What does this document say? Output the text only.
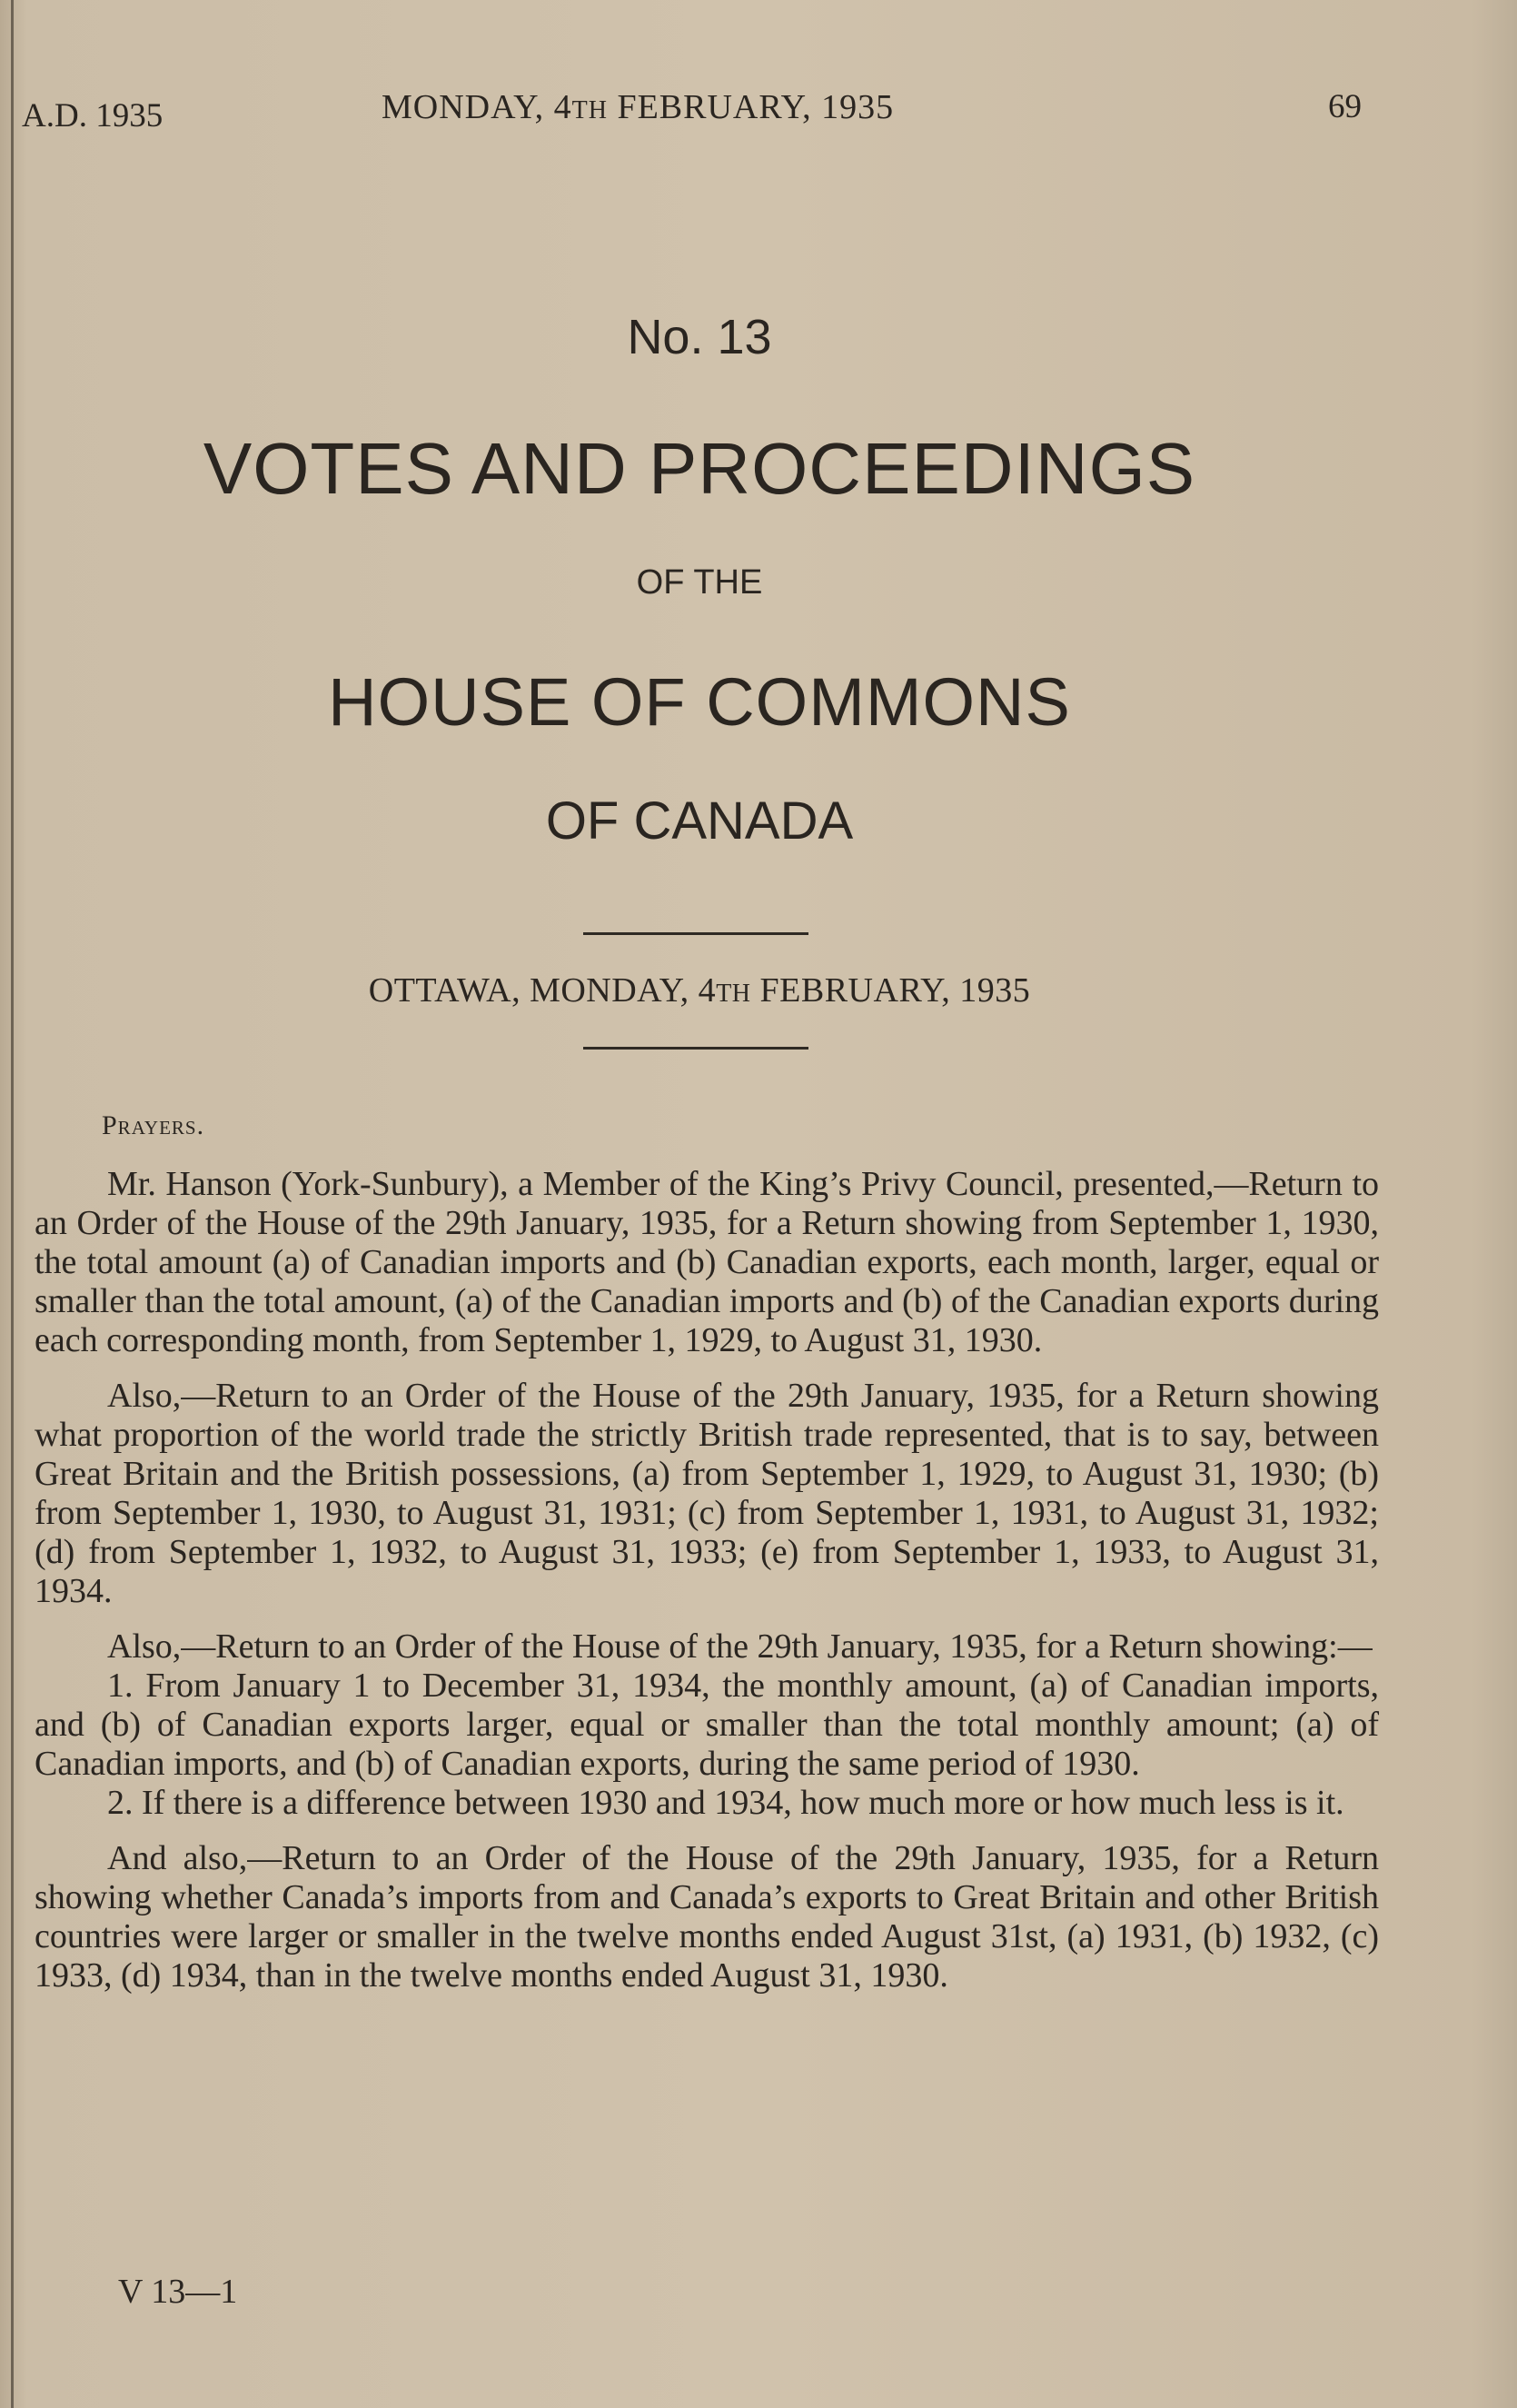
A.D. 1935	MONDAY, 4TH FEBRUARY, 1935	69
No. 13
VOTES AND PROCEEDINGS
OF THE
HOUSE OF COMMONS
OF CANADA
OTTAWA, MONDAY, 4TH FEBRUARY, 1935
Prayers.

Mr. Hanson (York-Sunbury), a Member of the King’s Privy Council, presented,—Return to an Order of the House of the 29th January, 1935, for a Return showing from September 1, 1930, the total amount (a) of Canadian imports and (b) Canadian exports, each month, larger, equal or smaller than the total amount, (a) of the Canadian imports and (b) of the Canadian exports during each corresponding month, from September 1, 1929, to August 31, 1930.

Also,—Return to an Order of the House of the 29th January, 1935, for a Return showing what proportion of the world trade the strictly British trade represented, that is to say, between Great Britain and the British possessions, (a) from September 1, 1929, to August 31, 1930; (b) from September 1, 1930, to August 31, 1931; (c) from September 1, 1931, to August 31, 1932; (d) from September 1, 1932, to August 31, 1933; (e) from September 1, 1933, to August 31, 1934.

Also,—Return to an Order of the House of the 29th January, 1935, for a Return showing:—

1. From January 1 to December 31, 1934, the monthly amount, (a) of Canadian imports, and (b) of Canadian exports larger, equal or smaller than the total monthly amount; (a) of Canadian imports, and (b) of Canadian exports, during the same period of 1930.

2. If there is a difference between 1930 and 1934, how much more or how much less is it.

And also,—Return to an Order of the House of the 29th January, 1935, for a Return showing whether Canada’s imports from and Canada’s exports to Great Britain and other British countries were larger or smaller in the twelve months ended August 31st, (a) 1931, (b) 1932, (c) 1933, (d) 1934, than in the twelve months ended August 31, 1930.

V 13—1
